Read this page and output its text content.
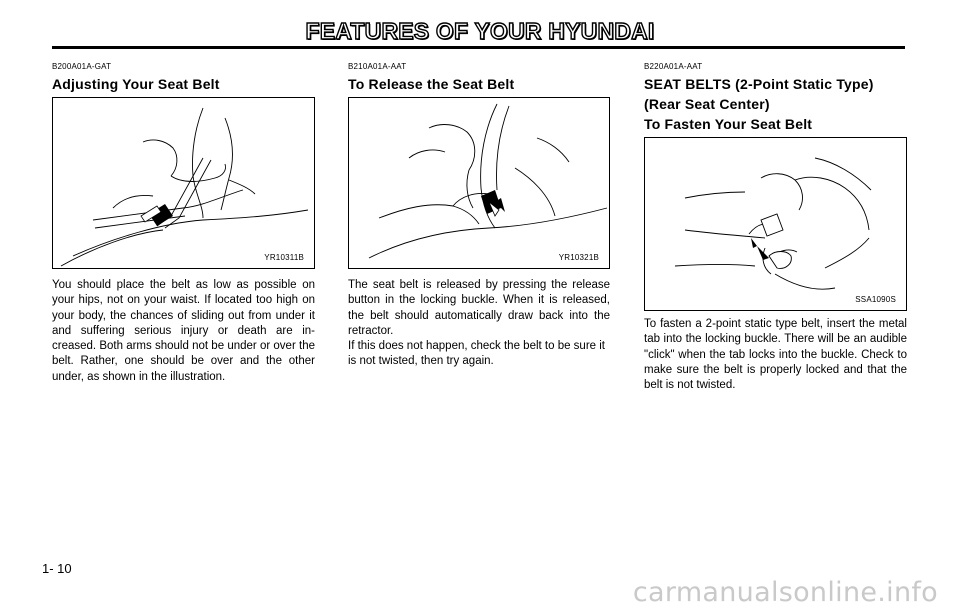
FEATURES OF YOUR HYUNDAI
B200A01A-GAT
Adjusting Your Seat Belt
YR10311B
You should place the belt as low as possible on your hips, not on your waist. If located too high on your body, the chances of sliding out from under it and suffering serious injury or death are in- creased. Both arms should not be under or over the belt. Rather, one should be over and the other under, as shown in the illustration.
B210A01A-AAT
To Release the Seat Belt
YR10321B
The seat belt is released by pressing the release button in the locking buckle. When it is released, the belt should automatically draw back into the retractor.
If this does not happen, check the belt to be sure it is not twisted, then try again.
B220A01A-AAT
SEAT BELTS (2-Point Static Type)
(Rear Seat Center)
To Fasten Your Seat Belt
SSA1090S
To fasten a 2-point static type belt, insert the metal tab into the locking buckle. There will be an audible "click" when the tab locks into the buckle. Check to make sure the belt is properly locked and that the belt is not twisted.
1- 10
carmanualsonline.info
